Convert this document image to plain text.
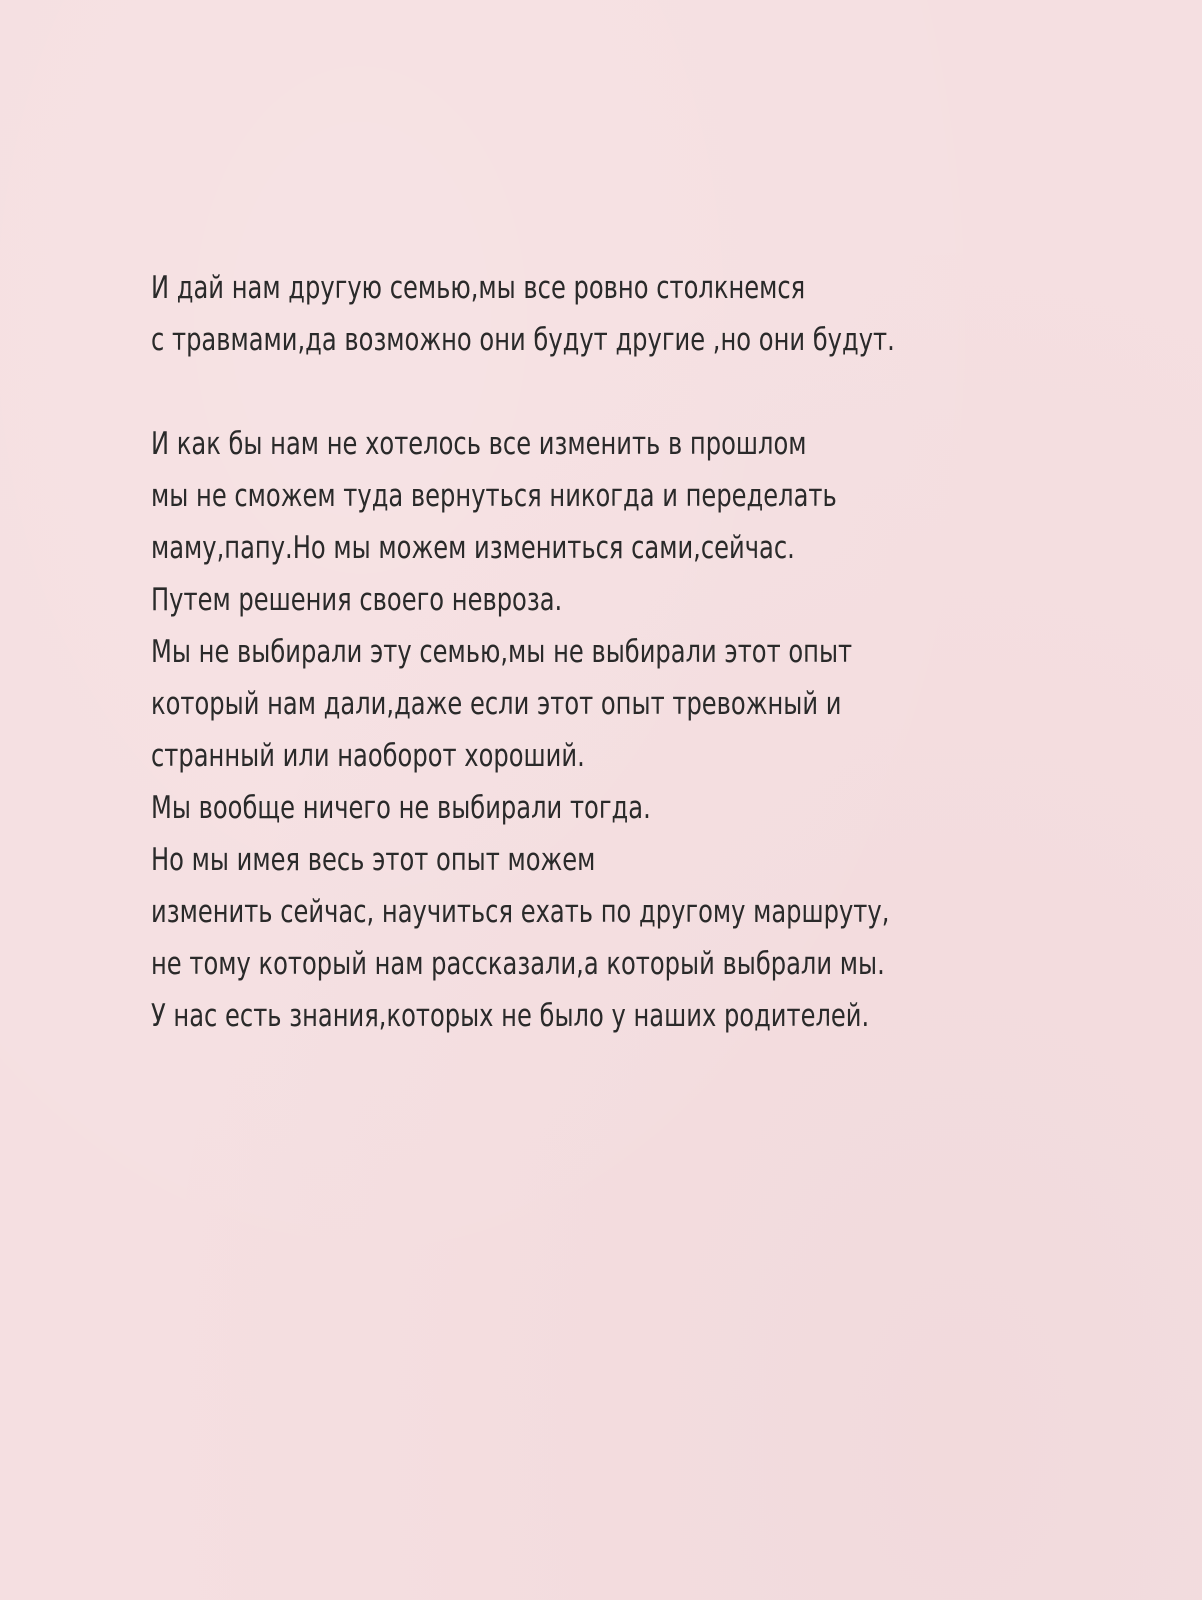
И дай нам другую семью,мы все ровно столкнемся
с травмами,да возможно они будут другие ,но они будут.
И как бы нам не хотелось все изменить в прошлом
мы не сможем туда вернуться никогда и переделать
маму,папу.Но мы можем измениться сами,сейчас.
Путем решения своего невроза.
Мы не выбирали эту семью,мы не выбирали этот опыт
который нам дали,даже если этот опыт тревожный и
странный или наоборот хороший.
Мы вообще ничего не выбирали тогда.
Но мы имея весь этот опыт можем
изменить сейчас, научиться ехать по другому маршруту,
не тому который нам рассказали,а который выбрали мы.
У нас есть знания,которых не было у наших родителей.
